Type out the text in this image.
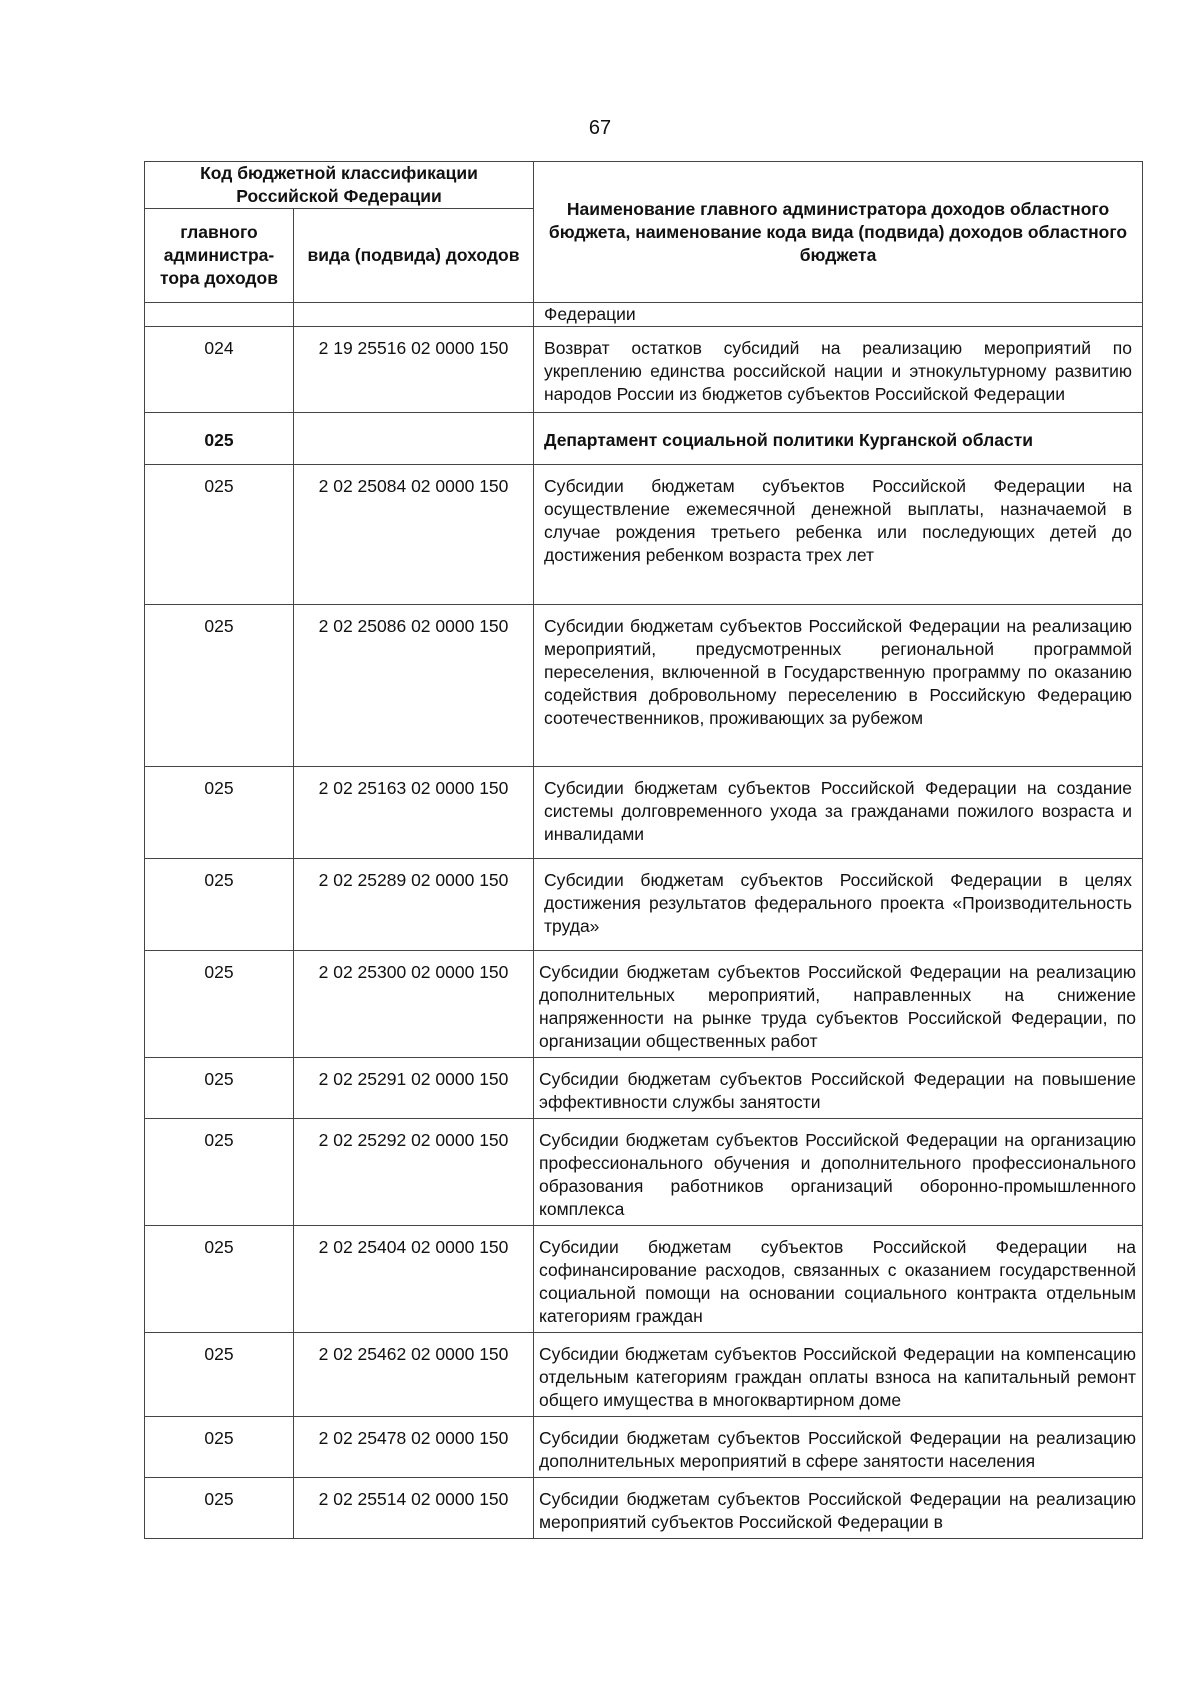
67
Код бюджетной классификации Российской Федерации		Наименование главного администратора доходов областного бюджета, наименование кода вида (подвида) доходов областного бюджета
главного администра-тора доходов	вида (подвида) доходов	
		Федерации
024	2 19 25516 02 0000 150	Возврат остатков субсидий на реализацию мероприятий по укреплению единства российской нации и этнокультурному развитию народов России из бюджетов субъектов Российской Федерации
025		Департамент социальной политики Курганской области
025	2 02 25084 02 0000 150	Субсидии бюджетам субъектов Российской Федерации на осуществление ежемесячной денежной выплаты, назначаемой в случае рождения третьего ребенка или последующих детей до достижения ребенком возраста трех лет
025	2 02 25086 02 0000 150	Субсидии бюджетам субъектов Российской Федерации на реализацию мероприятий, предусмотренных региональной программой переселения, включенной в Государственную программу по оказанию содействия добровольному переселению в Российскую Федерацию соотечественников, проживающих за рубежом
025	2 02 25163 02 0000 150	Субсидии бюджетам субъектов Российской Федерации на создание системы долговременного ухода за гражданами пожилого возраста и инвалидами
025	2 02 25289 02 0000 150	Субсидии бюджетам субъектов Российской Федерации в целях достижения результатов федерального проекта «Производительность труда»
025	2 02 25300 02 0000 150	Субсидии бюджетам субъектов Российской Федерации на реализацию дополнительных мероприятий, направленных на снижение напряженности на рынке труда субъектов Российской Федерации, по организации общественных работ
025	2 02 25291 02 0000 150	Субсидии бюджетам субъектов Российской Федерации на повышение эффективности службы занятости
025	2 02 25292 02 0000 150	Субсидии бюджетам субъектов Российской Федерации на организацию профессионального обучения и дополнительного профессионального образования работников организаций оборонно-промышленного комплекса
025	2 02 25404 02 0000 150	Субсидии бюджетам субъектов Российской Федерации на софинансирование расходов, связанных с оказанием государственной социальной помощи на основании социального контракта отдельным категориям граждан
025	2 02 25462 02 0000 150	Субсидии бюджетам субъектов Российской Федерации на компенсацию отдельным категориям граждан оплаты взноса на капитальный ремонт общего имущества в многоквартирном доме
025	2 02 25478 02 0000 150	Субсидии бюджетам субъектов Российской Федерации на реализацию дополнительных мероприятий в сфере занятости населения
025	2 02 25514 02 0000 150	Субсидии бюджетам субъектов Российской Федерации на реализацию мероприятий субъектов Российской Федерации в
